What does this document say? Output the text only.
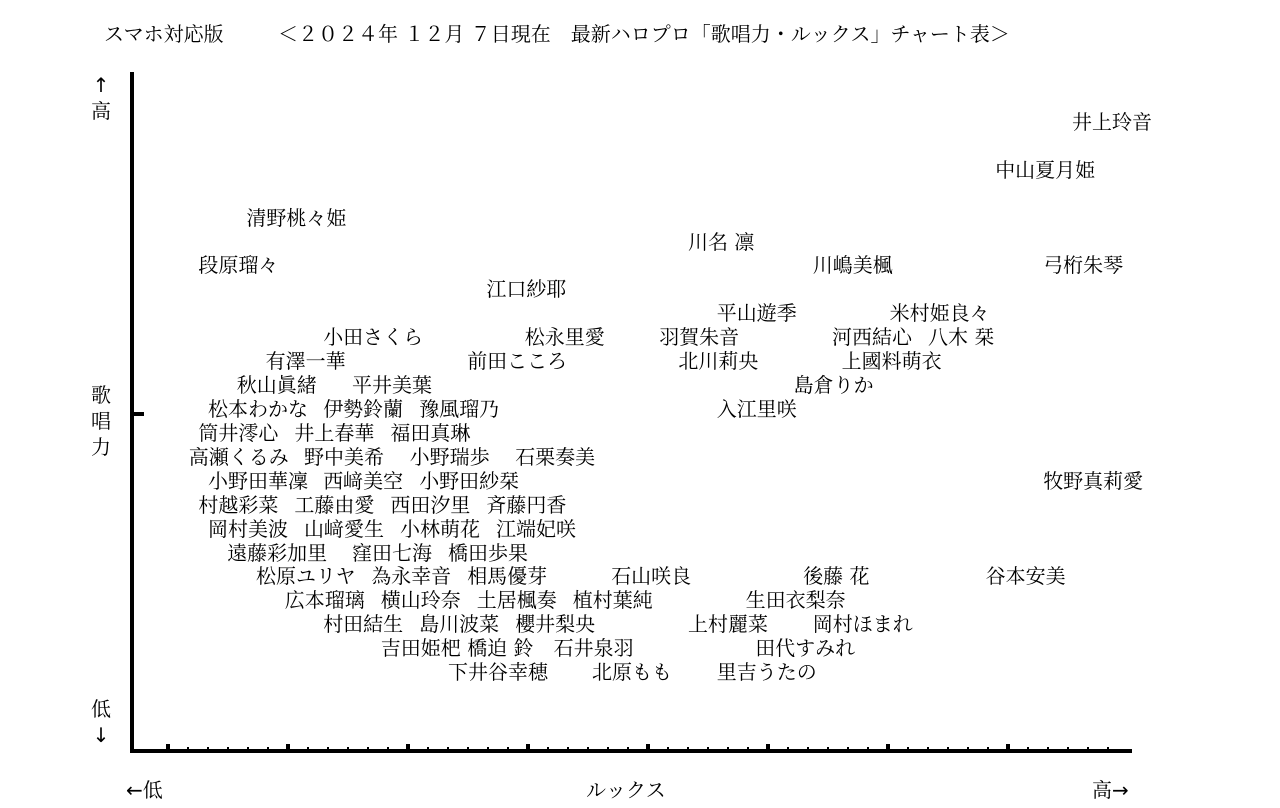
スマホ対応版	＜２０２４年 １２月 ７日現在　最新ハロプロ「歌唱力・ルックス」チャート表＞
↑
高
歌
唱
力
低
↓
←低	ルックス	高→
井上玲音
中山夏月姫
清野桃々姫
川名 凛
段原瑠々	川嶋美楓	弓桁朱琴
江口紗耶
平山遊季	米村姫良々
小田さくら	松永里愛	羽賀朱音	河西結心 八木 栞
有澤一華	前田こころ	北川莉央	上國料萌衣
秋山眞緒 平井美葉	島倉りか
松本わかな 伊勢鈴蘭 豫風瑠乃	入江里咲
筒井澪心 井上春華 福田真琳
高瀬くるみ 野中美希 小野瑞歩 石栗奏美
小野田華凜 西﨑美空 小野田紗栞	牧野真莉愛
村越彩菜 工藤由愛 西田汐里 斉藤円香
岡村美波 山﨑愛生 小林萌花 江端妃咲
遠藤彩加里 窪田七海 橋田歩果
松原ユリヤ 為永幸音 相馬優芽	石山咲良	後藤 花	谷本安美
広本瑠璃 横山玲奈 土居楓奏 植村葉純	生田衣梨奈
村田結生 島川波菜 櫻井梨央	上村麗菜 岡村ほまれ
吉田姫杷 橋迫 鈴 石井泉羽	田代すみれ
下井谷幸穂 北原もも 里吉うたの
